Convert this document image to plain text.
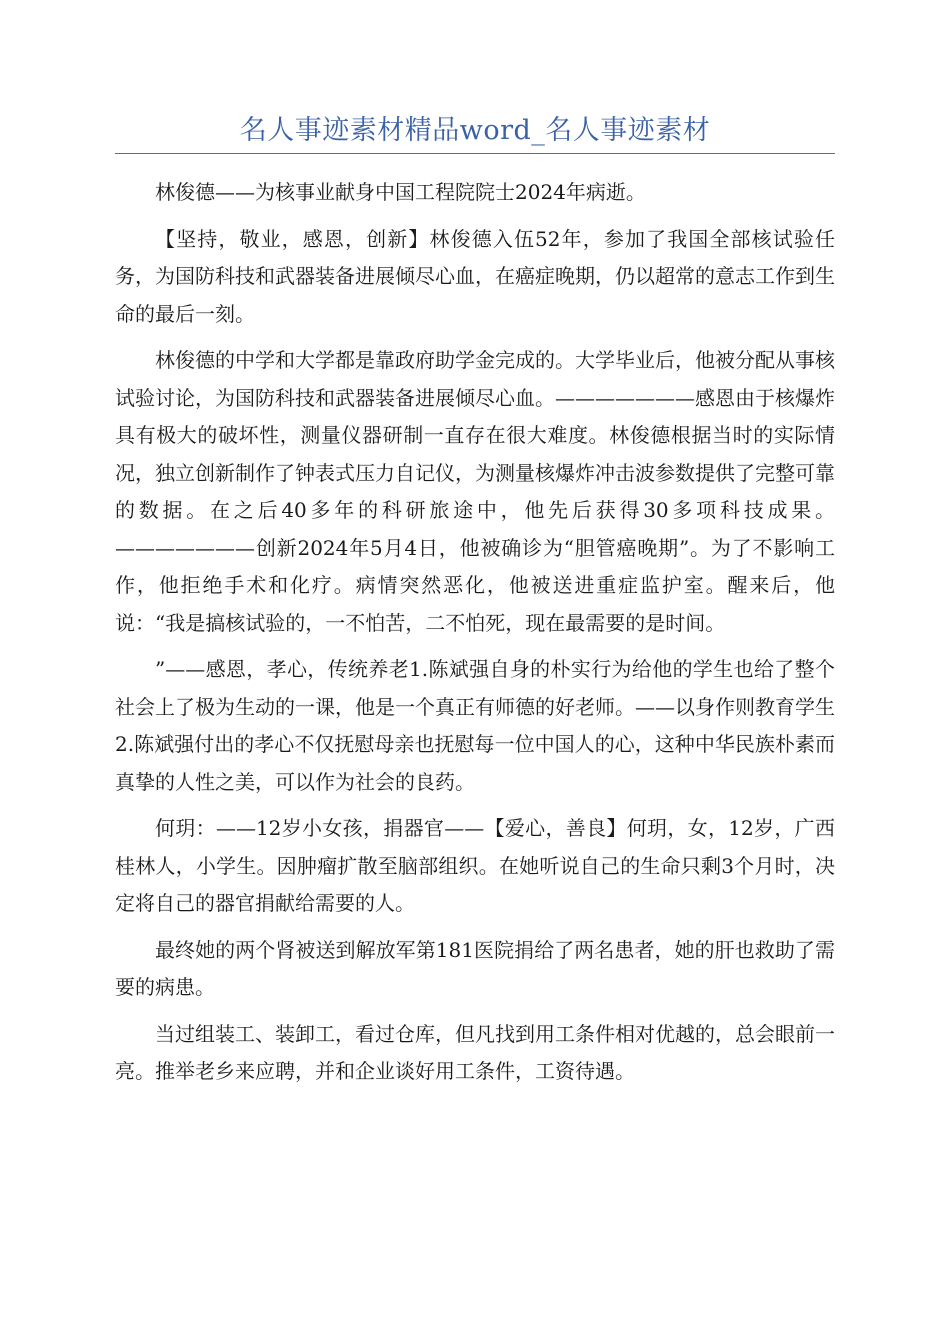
名人事迹素材精品word_名人事迹素材

林俊德——为核事业献身中国工程院院士2024年病逝。

【坚持，敬业，感恩，创新】林俊德入伍52年，参加了我国全部核试验任务，为国防科技和武器装备进展倾尽心血，在癌症晚期，仍以超常的意志工作到生命的最后一刻。

林俊德的中学和大学都是靠政府助学金完成的。大学毕业后，他被分配从事核试验讨论，为国防科技和武器装备进展倾尽心血。———————感恩由于核爆炸具有极大的破坏性，测量仪器研制一直存在很大难度。林俊德根据当时的实际情况，独立创新制作了钟表式压力自记仪，为测量核爆炸冲击波参数提供了完整可靠的数据。在之后40多年的科研旅途中，他先后获得30多项科技成果。———————创新2024年5月4日，他被确诊为“胆管癌晚期”。为了不影响工作，他拒绝手术和化疗。病情突然恶化，他被送进重症监护室。醒来后，他说：“我是搞核试验的，一不怕苦，二不怕死，现在最需要的是时间。

”——感恩，孝心，传统养老1.陈斌强自身的朴实行为给他的学生也给了整个社会上了极为生动的一课，他是一个真正有师德的好老师。——以身作则教育学生2.陈斌强付出的孝心不仅抚慰母亲也抚慰每一位中国人的心，这种中华民族朴素而真挚的人性之美，可以作为社会的良药。

何玥：——12岁小女孩，捐器官——【爱心，善良】何玥，女，12岁，广西桂林人，小学生。因肿瘤扩散至脑部组织。在她听说自己的生命只剩3个月时，决定将自己的器官捐献给需要的人。

最终她的两个肾被送到解放军第181医院捐给了两名患者，她的肝也救助了需要的病患。

当过组装工、装卸工，看过仓库，但凡找到用工条件相对优越的，总会眼前一亮。推举老乡来应聘，并和企业谈好用工条件，工资待遇。
